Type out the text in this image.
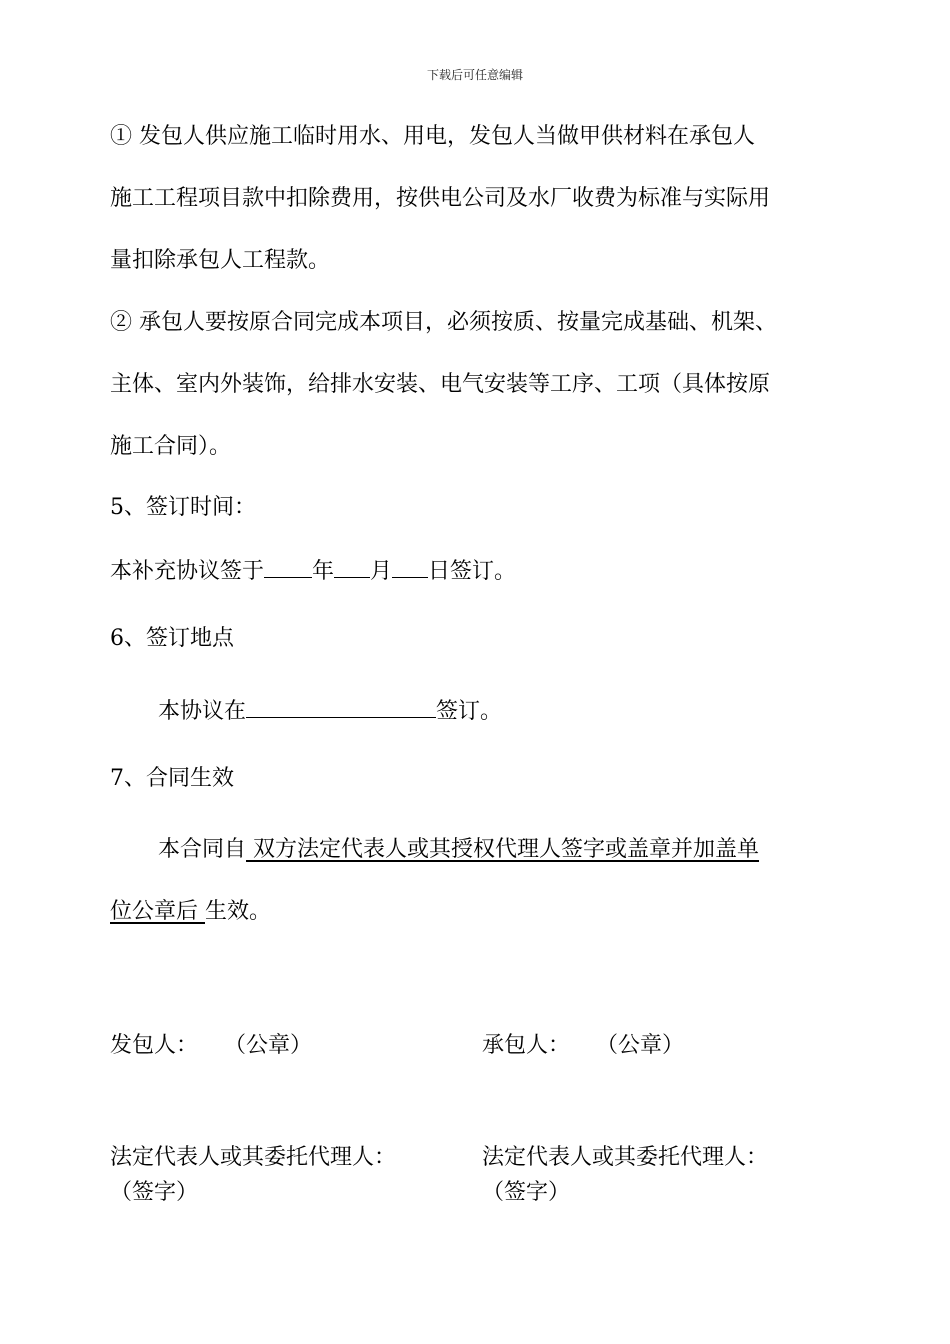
下载后可任意编辑
① 发包人供应施工临时用水、用电，发包人当做甲供材料在承包人
施工工程项目款中扣除费用，按供电公司及水厂收费为标准与实际用
量扣除承包人工程款。
② 承包人要按原合同完成本项目，必须按质、按量完成基础、机架、
主体、室内外装饰，给排水安装、电气安装等工序、工项（具体按原
施工合同）。
5、签订时间：
本补充协议签于 年 月 日签订。
6、签订地点
本协议在	签订。
7、合同生效
本合同自 双方法定代表人或其授权代理人签字或盖章并加盖单
位公章后 生效。
发包人： （公章）	承包人： （公章）
法定代表人或其委托代理人：	法定代表人或其委托代理人：
（签字）	（签字）
